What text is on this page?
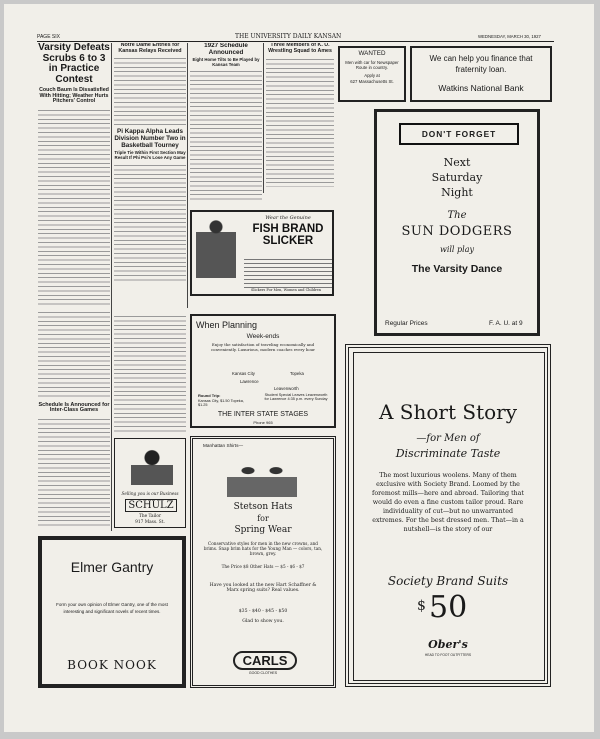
PAGE SIX	THE UNIVERSITY DAILY KANSAN	WEDNESDAY, MARCH 30, 1927
Varsity Defeats Scrubs 6 to 3 in Practice Contest
Couch Baum Is Dissatisfied With Hitting; Weather Hurts Pitchers' Control
Schedule Is Announced for Inter-Class Games
Notre Dame Entries for Kansas Relays Received
Pi Kappa Alpha Leads Division Number Two in Basketball Tourney
Triple Tie Within First Section May Result If Phi Psi's Lose Any Game
1927 Schedule Announced
Eight Home Tilts to Be Played by Kansas Team
Three Members of K. U. Wrestling Squad to Ames
Wear the Genuine
FISH BRAND SLICKER
Slickers For Men, Women and Children
WANTED
Men with car for Newspaper Route in country.
Apply at
627 Massachusetts St.
We can help you finance that
fraternity loan.
Watkins National Bank
DON'T FORGET
Next
Saturday
Night
The
SUN DODGERS
will play
The Varsity Dance
Regular Prices	F. A. U. at 9
When Planning
Week-ends
Enjoy the satisfaction of traveling economically and conveniently. Luxurious, modern coaches every hour
Kansas City	Topeka
Lawrence
Leavenworth
Round Trip:
Kansas City, $1.50 Topeka, $1.25
Student Special Leaves Leavenworth for Lawrence 4:35 p.m. every Sunday
THE INTER STATE STAGES
Phone 965
Selling you is our Business
SCHULZ
The Tailor
917 Mass. St.
Manhattan Shirts—
Stetson Hats
for
Spring Wear
Conservative styles for men in the new crowns, and brims. Snap brim hats for the Young Man — colors, tan, brown, grey.
The Price $8 Other Hats — $5 - $6 - $7
Have you looked at the new Hart Schaffner & Marx spring suits? Real values.
$35 - $40 - $45 - $50
Glad to show you.
CARLS
GOOD CLOTHES
Elmer Gantry
Form your own opinion of Elmer Gantry, one of the most interesting and significant novels of recent times.
BOOK NOOK
A Short Story
—for Men of
Discriminate Taste
The most luxurious woolens. Many of them exclusive with Society Brand. Loomed by the foremost mills—here and abroad. Tailoring that would do even a fine custom tailor proud. Rare individuality of cut—but no unwarranted extremes. For the best dressed men. That—in a nutshell—is the story of our
Society Brand Suits
$ 50
Ober's
HEAD TO FOOT OUTFITTERS
